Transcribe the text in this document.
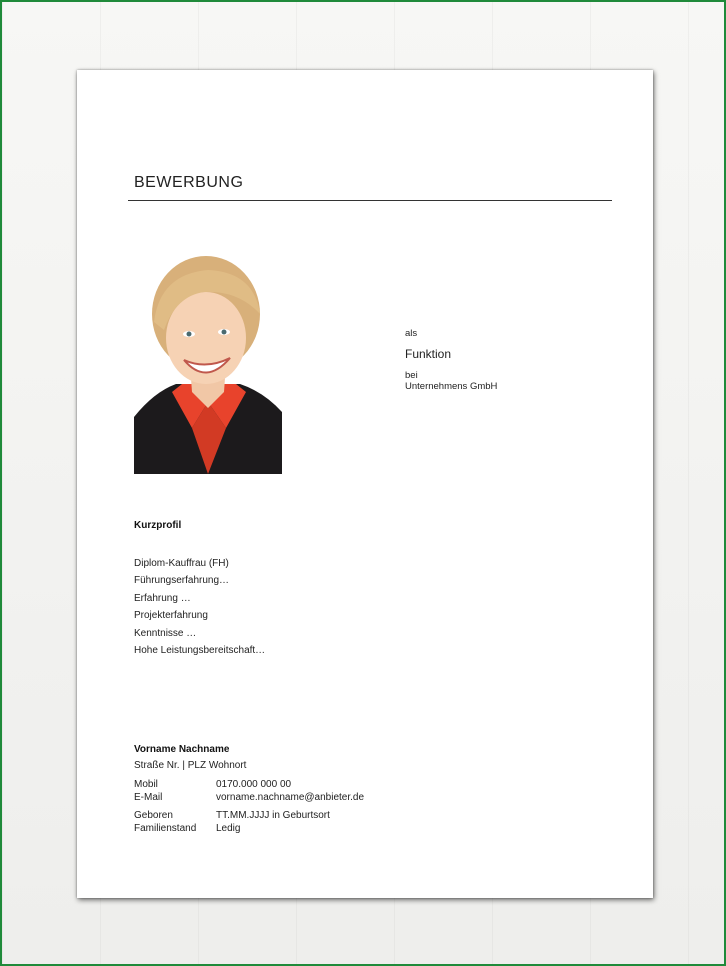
BEWERBUNG
als
Funktion
bei
Unternehmens GmbH
Kurzprofil
Diplom-Kauffrau (FH)
Führungserfahrung…
Erfahrung …
Projekterfahrung
Kenntnisse …
Hohe Leistungsbereitschaft…
Vorname Nachname
Straße Nr. | PLZ Wohnort
Mobil	0170.000 000 00
E-Mail	vorname.nachname@anbieter.de
Geboren	TT.MM.JJJJ in Geburtsort
Familienstand	Ledig
